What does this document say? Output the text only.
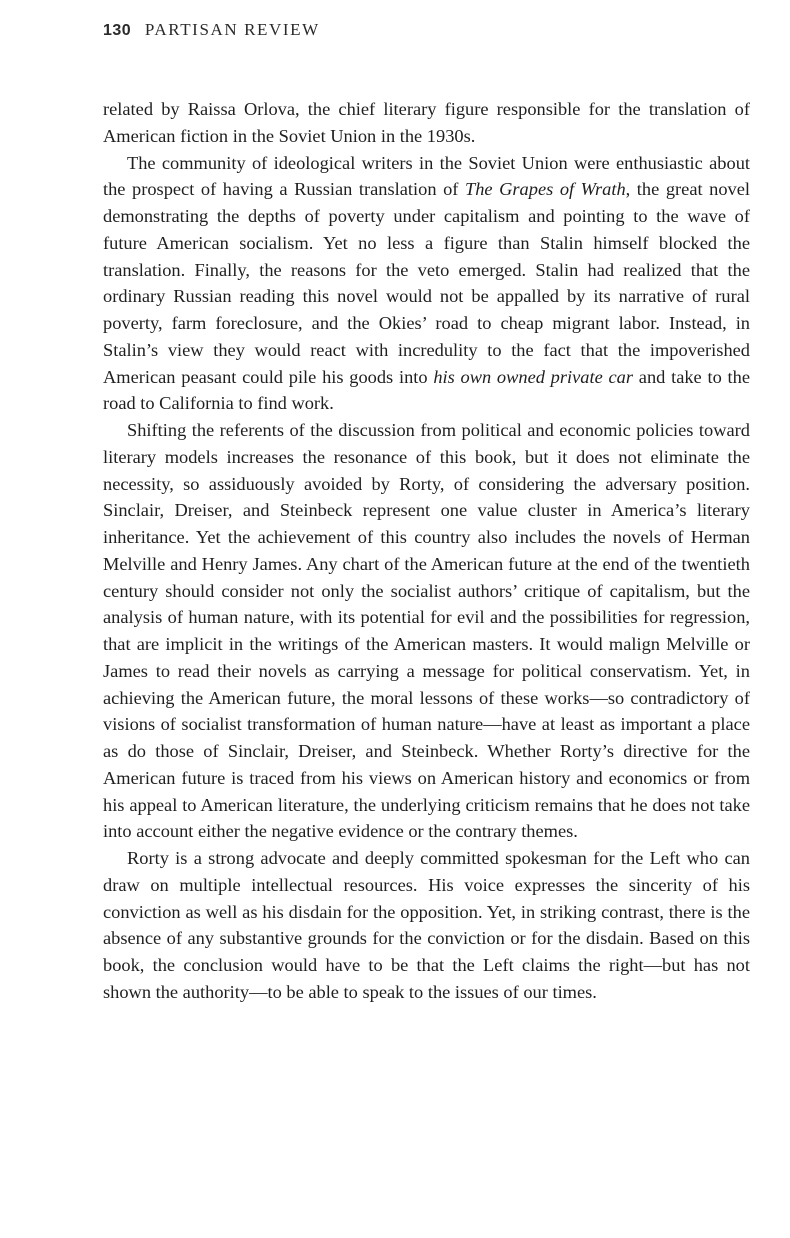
130 PARTISAN REVIEW

related by Raissa Orlova, the chief literary figure responsible for the translation of American fiction in the Soviet Union in the 1930s.

The community of ideological writers in the Soviet Union were enthusiastic about the prospect of having a Russian translation of The Grapes of Wrath, the great novel demonstrating the depths of poverty under capitalism and pointing to the wave of future American socialism. Yet no less a figure than Stalin himself blocked the translation. Finally, the reasons for the veto emerged. Stalin had realized that the ordinary Russian reading this novel would not be appalled by its narrative of rural poverty, farm foreclosure, and the Okies’ road to cheap migrant labor. Instead, in Stalin’s view they would react with incredulity to the fact that the impoverished American peasant could pile his goods into his own owned private car and take to the road to California to find work.

Shifting the referents of the discussion from political and economic policies toward literary models increases the resonance of this book, but it does not eliminate the necessity, so assiduously avoided by Rorty, of considering the adversary position. Sinclair, Dreiser, and Steinbeck represent one value cluster in America’s literary inheritance. Yet the achievement of this country also includes the novels of Herman Melville and Henry James. Any chart of the American future at the end of the twentieth century should consider not only the socialist authors’ critique of capitalism, but the analysis of human nature, with its potential for evil and the possibilities for regression, that are implicit in the writings of the American masters. It would malign Melville or James to read their novels as carrying a message for political conservatism. Yet, in achieving the American future, the moral lessons of these works—so contradictory of visions of socialist transformation of human nature—have at least as important a place as do those of Sinclair, Dreiser, and Steinbeck. Whether Rorty’s directive for the American future is traced from his views on American history and economics or from his appeal to American literature, the underlying criticism remains that he does not take into account either the negative evidence or the contrary themes.

Rorty is a strong advocate and deeply committed spokesman for the Left who can draw on multiple intellectual resources. His voice expresses the sincerity of his conviction as well as his disdain for the opposition. Yet, in striking contrast, there is the absence of any substantive grounds for the conviction or for the disdain. Based on this book, the conclusion would have to be that the Left claims the right—but has not shown the authority—to be able to speak to the issues of our times.
